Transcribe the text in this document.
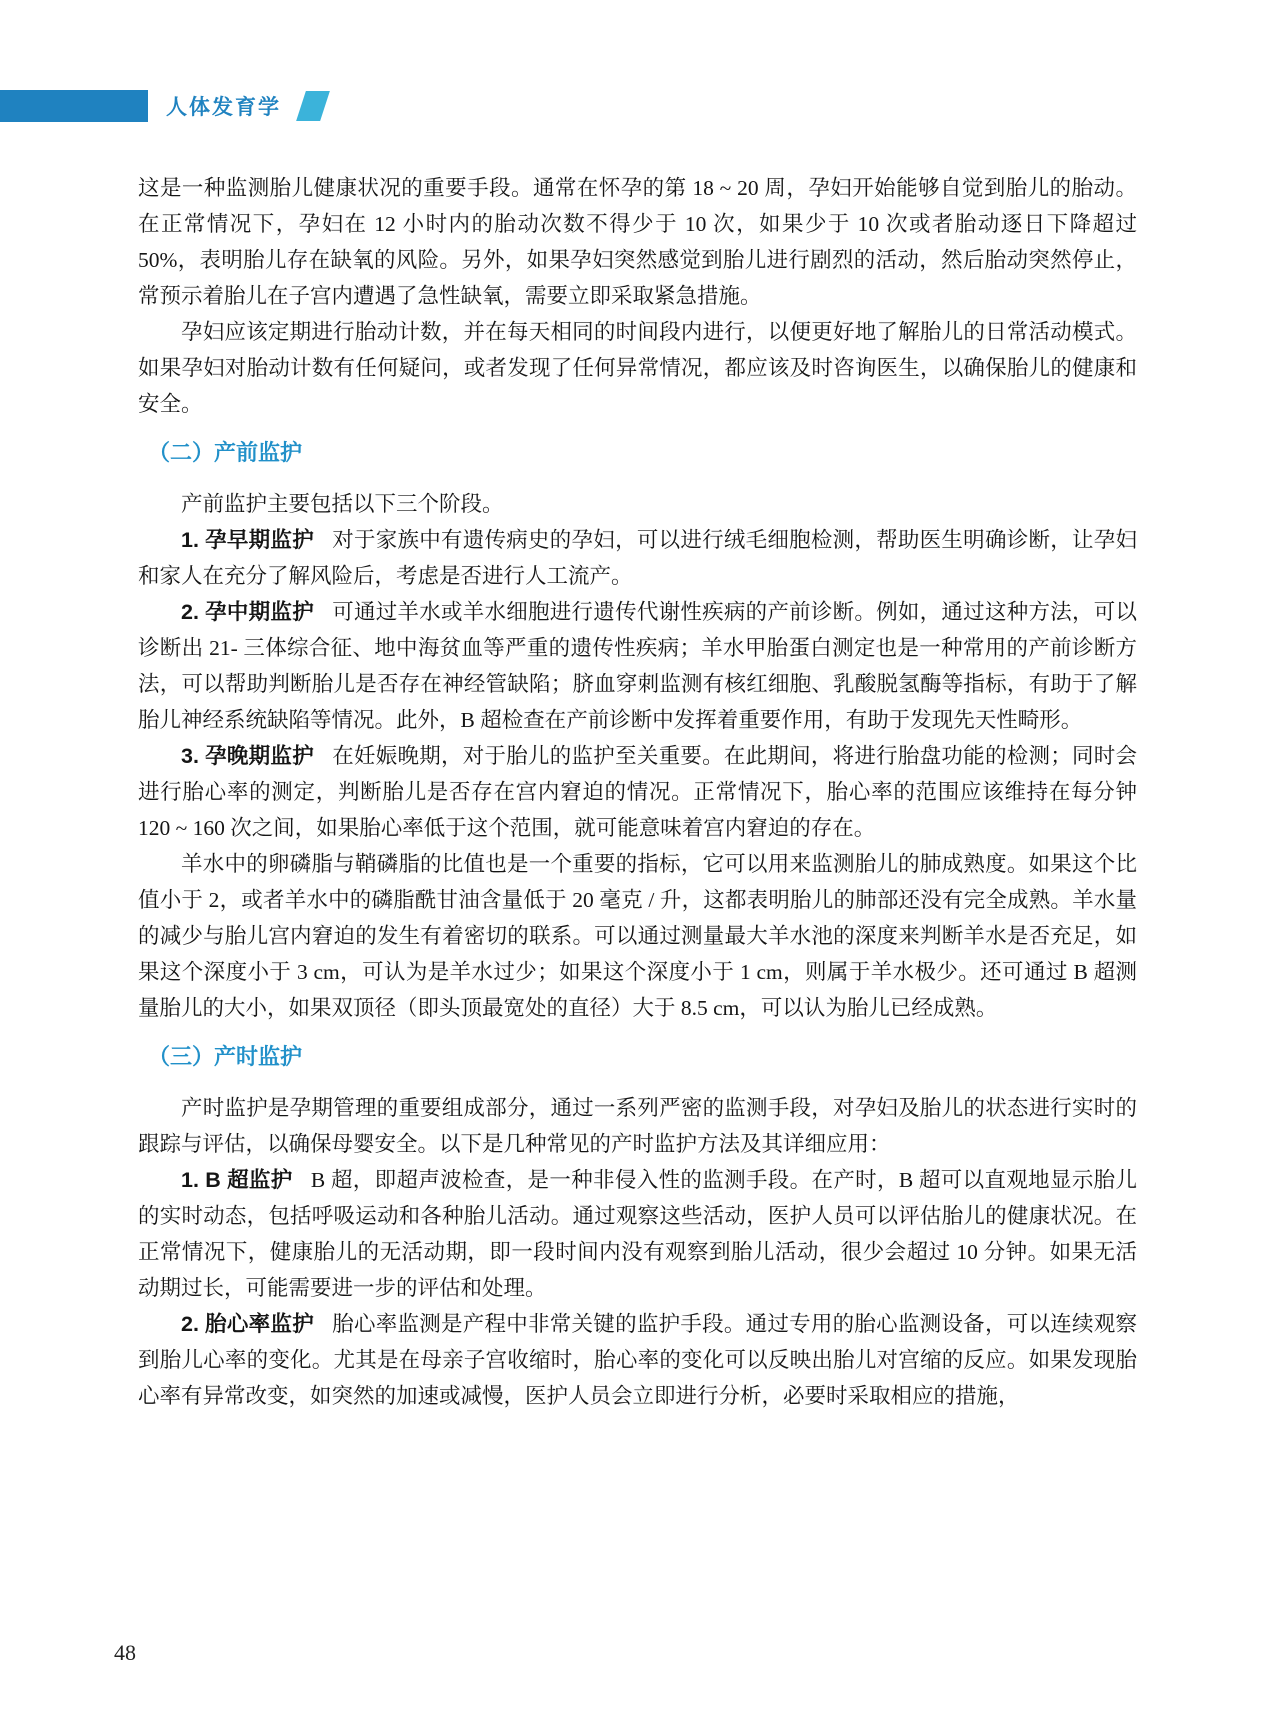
人体发育学

这是一种监测胎儿健康状况的重要手段。通常在怀孕的第 18 ~ 20 周，孕妇开始能够自觉到胎儿的胎动。在正常情况下，孕妇在 12 小时内的胎动次数不得少于 10 次，如果少于 10 次或者胎动逐日下降超过 50%，表明胎儿存在缺氧的风险。另外，如果孕妇突然感觉到胎儿进行剧烈的活动，然后胎动突然停止，常预示着胎儿在子宫内遭遇了急性缺氧，需要立即采取紧急措施。

孕妇应该定期进行胎动计数，并在每天相同的时间段内进行，以便更好地了解胎儿的日常活动模式。如果孕妇对胎动计数有任何疑问，或者发现了任何异常情况，都应该及时咨询医生，以确保胎儿的健康和安全。

（二）产前监护

产前监护主要包括以下三个阶段。

1. 孕早期监护 对于家族中有遗传病史的孕妇，可以进行绒毛细胞检测，帮助医生明确诊断，让孕妇和家人在充分了解风险后，考虑是否进行人工流产。

2. 孕中期监护 可通过羊水或羊水细胞进行遗传代谢性疾病的产前诊断。例如，通过这种方法，可以诊断出 21- 三体综合征、地中海贫血等严重的遗传性疾病；羊水甲胎蛋白测定也是一种常用的产前诊断方法，可以帮助判断胎儿是否存在神经管缺陷；脐血穿刺监测有核红细胞、乳酸脱氢酶等指标，有助于了解胎儿神经系统缺陷等情况。此外，B 超检查在产前诊断中发挥着重要作用，有助于发现先天性畸形。

3. 孕晚期监护 在妊娠晚期，对于胎儿的监护至关重要。在此期间，将进行胎盘功能的检测；同时会进行胎心率的测定，判断胎儿是否存在宫内窘迫的情况。正常情况下，胎心率的范围应该维持在每分钟 120 ~ 160 次之间，如果胎心率低于这个范围，就可能意味着宫内窘迫的存在。

羊水中的卵磷脂与鞘磷脂的比值也是一个重要的指标，它可以用来监测胎儿的肺成熟度。如果这个比值小于 2，或者羊水中的磷脂酰甘油含量低于 20 毫克 / 升，这都表明胎儿的肺部还没有完全成熟。羊水量的减少与胎儿宫内窘迫的发生有着密切的联系。可以通过测量最大羊水池的深度来判断羊水是否充足，如果这个深度小于 3 cm，可认为是羊水过少；如果这个深度小于 1 cm，则属于羊水极少。还可通过 B 超测量胎儿的大小，如果双顶径（即头顶最宽处的直径）大于 8.5 cm，可以认为胎儿已经成熟。

（三）产时监护

产时监护是孕期管理的重要组成部分，通过一系列严密的监测手段，对孕妇及胎儿的状态进行实时的跟踪与评估，以确保母婴安全。以下是几种常见的产时监护方法及其详细应用：

1. B 超监护 B 超，即超声波检查，是一种非侵入性的监测手段。在产时，B 超可以直观地显示胎儿的实时动态，包括呼吸运动和各种胎儿活动。通过观察这些活动，医护人员可以评估胎儿的健康状况。在正常情况下，健康胎儿的无活动期，即一段时间内没有观察到胎儿活动，很少会超过 10 分钟。如果无活动期过长，可能需要进一步的评估和处理。

2. 胎心率监护 胎心率监测是产程中非常关键的监护手段。通过专用的胎心监测设备，可以连续观察到胎儿心率的变化。尤其是在母亲子宫收缩时，胎心率的变化可以反映出胎儿对宫缩的反应。如果发现胎心率有异常改变，如突然的加速或减慢，医护人员会立即进行分析，必要时采取相应的措施，

48
